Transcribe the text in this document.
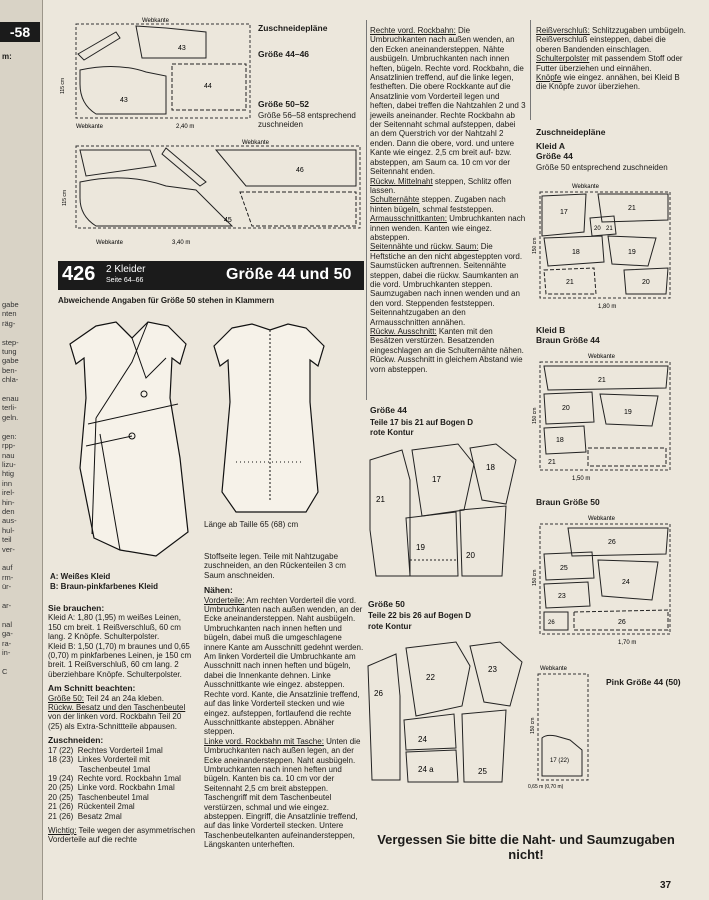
-58
m:

gabe

nten

räg-

step-

tung

gabe

ben-

chla-

enau

terli-

geln.

gen:

rpp-

nau

lizu-

htig

inn

irel-

hin-

den

aus-

hul-

teil

ver-

auf

rm-

ür-

ar-

nal

ga-

ra-

in-

C

Webkante
Webkante	2,40 m
115 cm
43
44
43
Zuschneidepläne
Größe 44–46
Größe 50–52
Größe 56–58 entsprechend zuschneiden
Webkante
Webkante	3,40 m
115 cm
46
45
426 2 Kleider
Seite 64–66	Größe 44 und 50
Abweichende Angaben für Größe 50 stehen in Klammern
Länge ab Taille 65 (68) cm
A: Weißes Kleid
B: Braun-pinkfarbenes Kleid

Sie brauchen:

Kleid A: 1,80 (1,95) m weißes Leinen, 150 cm breit. 1 Reißverschluß, 60 cm lang. 2 Knöpfe. Schulterpolster.

Kleid B: 1,50 (1,70) m braunes und 0,65 (0,70) m pinkfarbenes Leinen, je 150 cm breit. 1 Reißverschluß, 60 cm lang. 2 überziehbare Knöpfe. Schulterpolster.

Am Schnitt beachten:

Größe 50: Teil 24 an 24a kleben.

Rückw. Besatz und den Taschenbeutel von der linken vord. Rockbahn Teil 20 (25) als Extra-Schnittteile abpausen.

Zuschneiden:

17 (22)  Rechtes Vorderteil 1mal

18 (23)  Linkes Vorderteil mit

Taschenbeutel 1mal

19 (24)  Rechte vord. Rockbahn 1mal

20 (25)  Linke vord. Rockbahn 1mal

20 (25)  Taschenbeutel 1mal

21 (26)  Rückenteil 2mal

21 (26)  Besatz 2mal

Wichtig: Teile wegen der asymmetrischen Vorderteile auf die rechte

Stoffseite legen. Teile mit Nahtzugabe zuschneiden, an den Rückenteilen 3 cm Saum anschneiden.

Nähen:

Vorderteile: Am rechten Vorderteil die vord. Umbruchkanten nach außen wenden, an der Ecke aneinandersteppen. Naht ausbügeln. Umbruchkanten nach innen heften und bügeln, dabei muß die umgeschlagene innere Kante am Ausschnitt gedehnt werden. Am linken Vorderteil die Umbruchkante am Ausschnitt nach innen heften und bügeln, dabei die Innenkante dehnen. Linke Ausschnittkante wie eingez. absteppen. Rechte vord. Kante, die Ansatzlinie treffend, auf das linke Vorderteil stecken und wie eingez. aufsteppen, fortlaufend die rechte Ausschnittkante absteppen. Abnäher steppen.

Linke vord. Rockbahn mit Tasche: Unten die Umbruchkanten nach außen legen, an der Ecke aneinandersteppen. Naht ausbügeln. Umbruchkanten nach innen heften und bügeln. Kanten bis ca. 10 cm vor der Seitennaht 2,5 cm breit absteppen. Taschengriff mit dem Taschenbeutel verstürzen, schmal und wie eingez. absteppen. Eingriff, die Ansatzlinie treffend, auf das linke Vorderteil stecken. Untere Taschenbeutelkanten aufeinandersteppen, Längskanten unterheften.

Rechte vord. Rockbahn: Die Umbruchkanten nach außen wenden, an den Ecken aneinandersteppen. Nähte ausbügeln. Umbruchkanten nach innen heften, bügeln. Rechte vord. Rockbahn, die Ansatzlinien treffend, auf die linke legen, festheften. Die obere Rockkante auf die Ansatzlinie vom Vorderteil legen und heften, dabei treffen die Nahtzahlen 2 und 3 jeweils aneinander. Rechte Rockbahn ab der Seitennaht schmal aufsteppen, dabei an dem Querstrich vor der Nahtzahl 2 enden. Dann die obere, vord. und untere Kante wie eingez. 2,5 cm breit auf- bzw. absteppen, am Saum ca. 10 cm vor der Seitennaht enden.

Rückw. Mittelnaht steppen, Schlitz offen lassen.

Schulternähte steppen. Zugaben nach hinten bügeln, schmal feststeppen.

Armausschnittkanten: Umbruchkanten nach innen wenden. Kanten wie eingez. absteppen.

Seitennähte und rückw. Saum: Die Heftstiche an den nicht abgesteppten vord. Saumstücken auftrennen. Seitennähte steppen, dabei die rückw. Saumkanten an die vord. Umbruchkanten steppen. Saumzugaben nach innen wenden und an den vord. Steppenden feststeppen. Seitennahtzugaben an den Armausschnitten annähen.

Rückw. Ausschnitt: Kanten mit den Besätzen verstürzen. Besatzenden eingeschlagen an die Schulternähte nähen. Rückw. Ausschnitt in gleichem Abstand wie vorn absteppen.

Größe 44
Teile 17 bis 21 auf Bogen D
rote Kontur
17
18
21
19
20
Größe 50
Teile 22 bis 26 auf Bogen D
rote Kontur
22
23
26
24
24 a	25

Reißverschluß: Schlitzzugaben umbügeln. Reißverschluß einsteppen, dabei die oberen Bandenden einschlagen.

Schulterpolster mit passendem Stoff oder Futter überziehen und einnähen.

Knöpfe wie eingez. annähen, bei Kleid B die Knöpfe zuvor überziehen.

Zuschneidepläne
Kleid A
Größe 44
Größe 50 entsprechend zuschneiden
Webkante
1,80 m
150 cm
17
21
20 21
18	19
21	20
Kleid B
Braun Größe 44
Webkante
1,50 m
150 cm
21
20
19
18
21
Braun Größe 50
Webkante
1,70 m
150 cm
26
25
24
23
26	26
Pink Größe 44 (50)
Webkante
0,65 m (0,70 m)
150 cm
17 (22)
Vergessen Sie bitte die Naht- und Saumzugaben nicht!
37
